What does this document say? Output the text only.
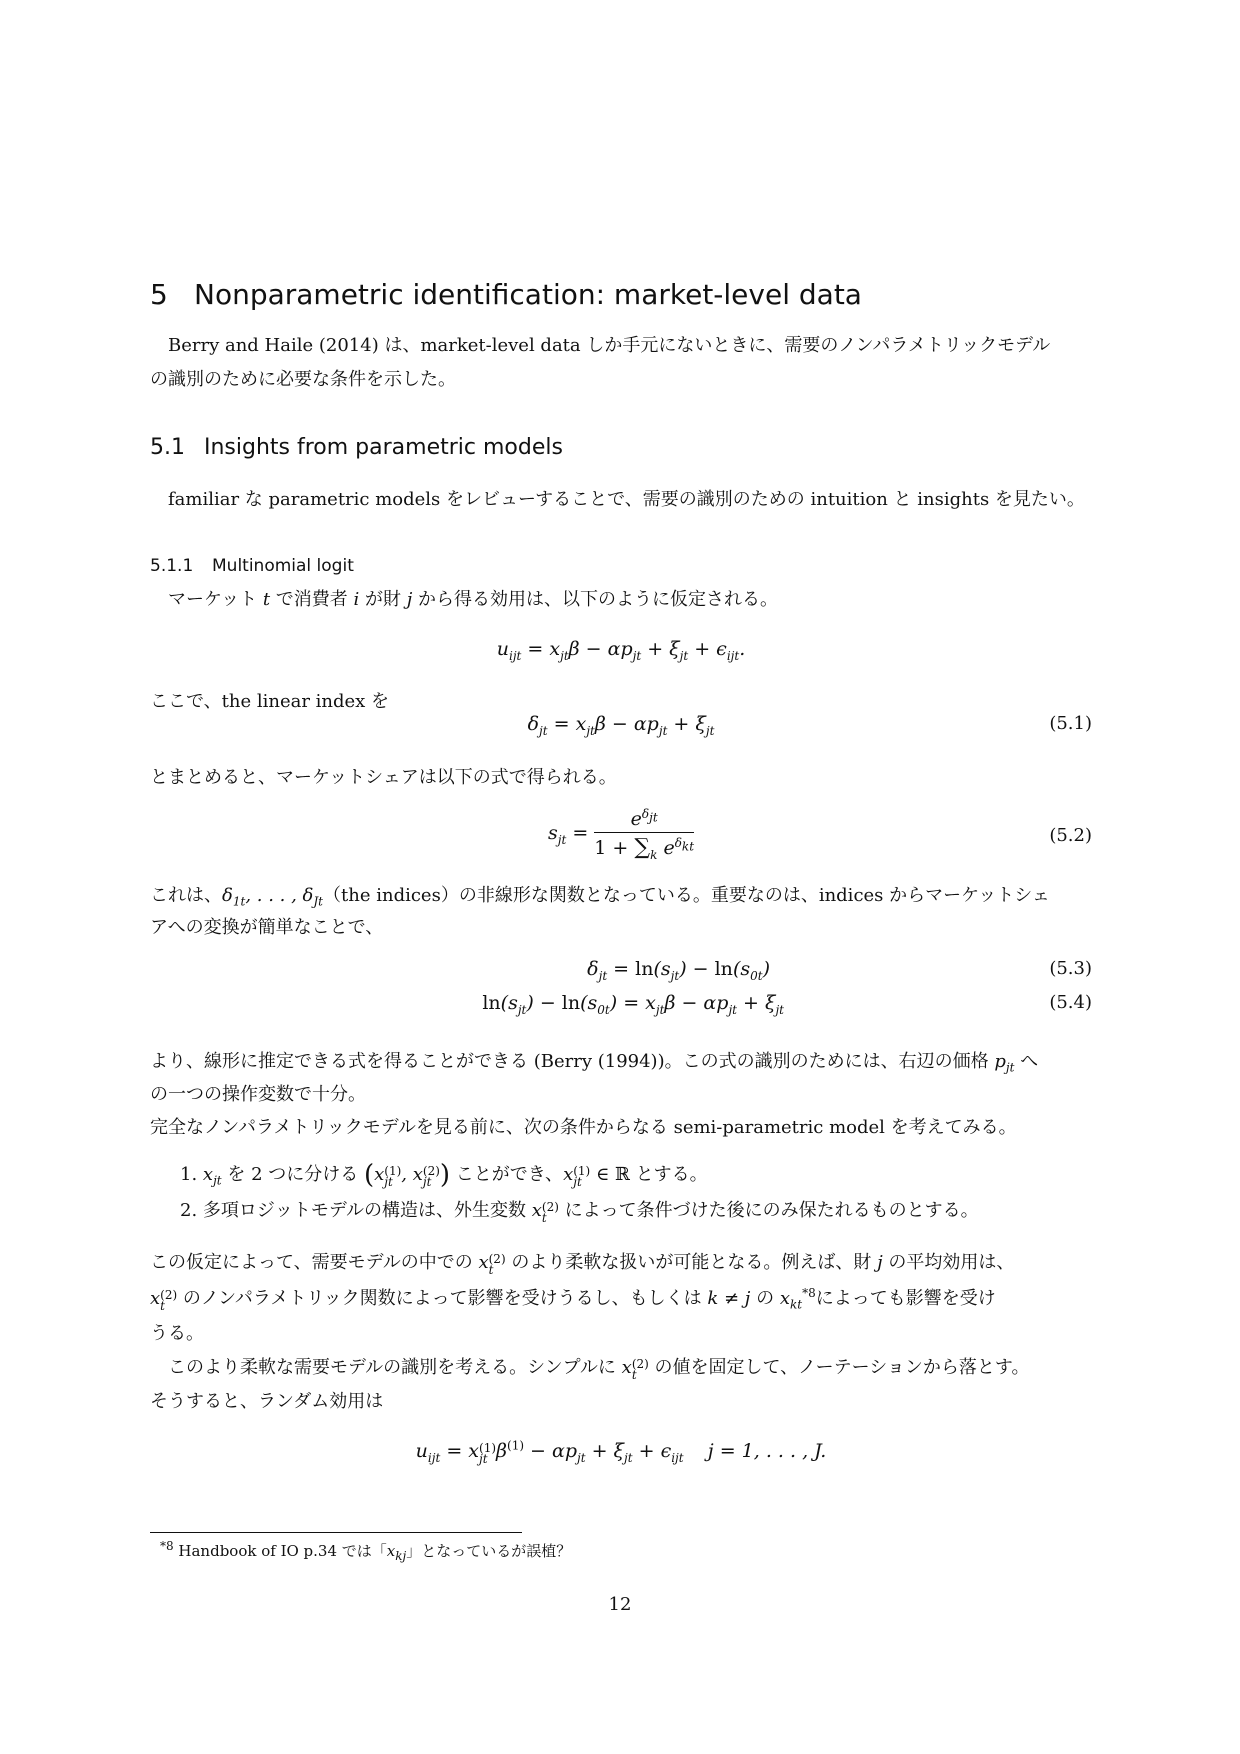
5 Nonparametric identification: market-level data
Berry and Haile (2014) は、market-level data しか手元にないときに、需要のノンパラメトリックモデル
の識別のために必要な条件を示した。
5.1 Insights from parametric models
familiar な parametric models をレビューすることで、需要の識別のための intuition と insights を見たい。
5.1.1 Multinomial logit
マーケット t で消費者 i が財 j から得る効用は、以下のように仮定される。
$u_{ijt} = x_{jt}\beta - \alpha p_{jt} + \xi_{jt} + \epsilon_{ijt}$.
ここで、the linear index を
$\delta_{jt} = x_{jt}\beta - \alpha p_{jt} + \xi_{jt}$	(5.1)
とまとめると、マーケットシェアは以下の式で得られる。
$s_{jt} = \frac{e^{\delta_{jt}}}{1 + \sum_k e^{\delta_{kt}}}$	(5.2)
これは、$\delta_{1t}$, . . . , $\delta_{Jt}(the$ indices）の非線形な関数となっている。重要なのは、indices からマーケットシェ
アへの変換が簡単なことで、
$\delta_{jt} = \ln(s_{jt}) - \ln(s_{0t})$	(5.3)
$\ln(s_{jt}) - \ln(s_{0t}) = x_{jt}\beta - \alpha p_{jt} + \xi_{jt}$	(5.4)
より、線形に推定できる式を得ることができる (Berry (1994))。この式の識別のためには、右辺の価格 $p_{jt}$ へ
の一つの操作変数で十分。
完全なノンパラメトリックモデルを見る前に、次の条件からなる semi-parametric model を考えてみる。
1. $x_{jt}$ を 2 つに分ける (x(1)
jt , x(2)
jt ) ことができ、x(1)
jt ∈ ℝ とする。
2. 多項ロジットモデルの構造は、外生変数 x(2)
t によって条件づけた後にのみ保たれるものとする。
この仮定によって、需要モデルの中での x(2)
t のより柔軟な扱いが可能となる。例えば、財 j の平均効用は、
x(2)
t のノンパラメトリック関数によって影響を受けうるし、もしくは k ≠ j の $x_{kt}^{*8}$によっても影響を受け
うる。
このより柔軟な需要モデルの識別を考える。シンプルに x(2)
t の値を固定して、ノーテーションから落とす。
そうすると、ランダム効用は
$u_{ijt} = x(1)$
jt $\beta^{(1)} - \alpha p_{jt} + \xi_{jt} + \epsilon_{ijt}$    j = 1, . . . , J.
$^{*8}$ Handbook of IO p.34 では「$x_{kj}$」となっているが誤植？
12
